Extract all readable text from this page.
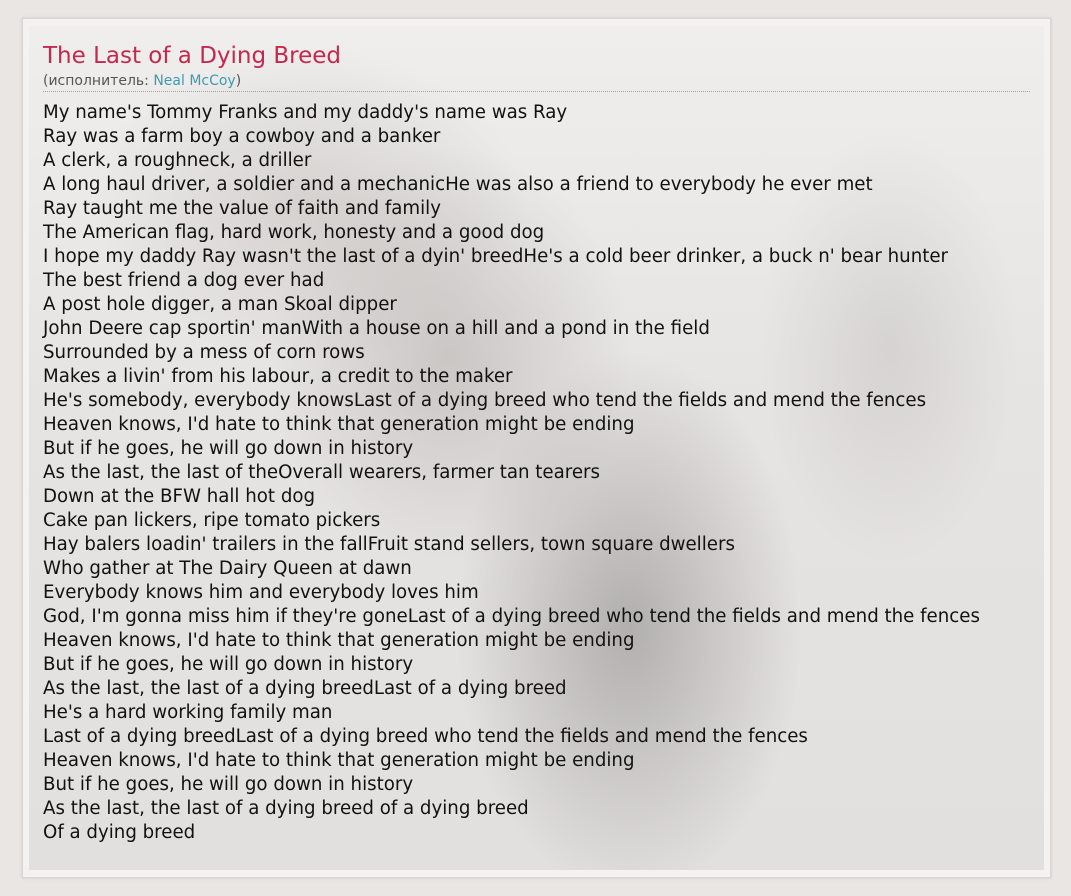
The Last of a Dying Breed
(исполнитель: Neal McCoy)
My name's Tommy Franks and my daddy's name was Ray
Ray was a farm boy a cowboy and a banker
A clerk, a roughneck, a driller
A long haul driver, a soldier and a mechanicHe was also a friend to everybody he ever met
Ray taught me the value of faith and family
The American flag, hard work, honesty and a good dog
I hope my daddy Ray wasn't the last of a dyin' breedHe's a cold beer drinker, a buck n' bear hunter
The best friend a dog ever had
A post hole digger, a man Skoal dipper
John Deere cap sportin' manWith a house on a hill and a pond in the field
Surrounded by a mess of corn rows
Makes a livin' from his labour, a credit to the maker
He's somebody, everybody knowsLast of a dying breed who tend the fields and mend the fences
Heaven knows, I'd hate to think that generation might be ending
But if he goes, he will go down in history
As the last, the last of theOverall wearers, farmer tan tearers
Down at the BFW hall hot dog
Cake pan lickers, ripe tomato pickers
Hay balers loadin' trailers in the fallFruit stand sellers, town square dwellers
Who gather at The Dairy Queen at dawn
Everybody knows him and everybody loves him
God, I'm gonna miss him if they're goneLast of a dying breed who tend the fields and mend the fences
Heaven knows, I'd hate to think that generation might be ending
But if he goes, he will go down in history
As the last, the last of a dying breedLast of a dying breed
He's a hard working family man
Last of a dying breedLast of a dying breed who tend the fields and mend the fences
Heaven knows, I'd hate to think that generation might be ending
But if he goes, he will go down in history
As the last, the last of a dying breed of a dying breed
Of a dying breed
